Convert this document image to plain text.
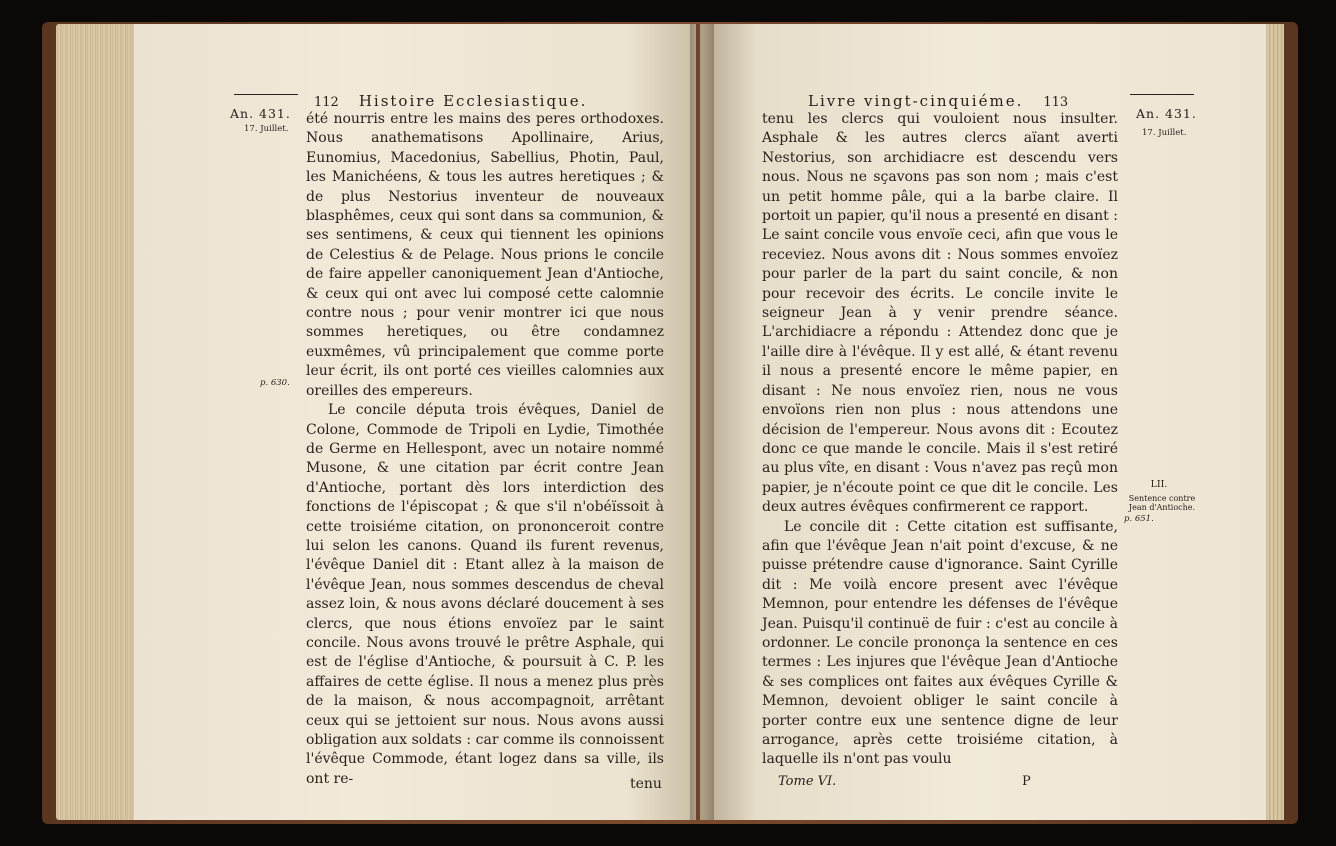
112 Histoire Ecclesiastique.
An. 431.
17. Juillet.
p. 630.

été nourris entre les mains des peres orthodoxes. Nous anathematisons Apollinaire, Arius, Eunomius, Macedonius, Sabellius, Photin, Paul, les Manichéens, & tous les autres heretiques ; & de plus Nestorius inventeur de nouveaux blasphêmes, ceux qui sont dans sa communion, & ses sentimens, & ceux qui tiennent les opinions de Celestius & de Pelage. Nous prions le concile de faire appeller canoniquement Jean d'Antioche, & ceux qui ont avec lui composé cette calomnie contre nous ; pour venir montrer ici que nous sommes heretiques, ou être condamnez euxmêmes, vû principalement que comme porte leur écrit, ils ont porté ces vieilles calomnies aux oreilles des empereurs.

Le concile députa trois évêques, Daniel de Colone, Commode de Tripoli en Lydie, Timothée de Germe en Hellespont, avec un notaire nommé Musone, & une citation par écrit contre Jean d'Antioche, portant dès lors interdiction des fonctions de l'épiscopat ; & que s'il n'obéïssoit à cette troisiéme citation, on prononceroit contre lui selon les canons. Quand ils furent revenus, l'évêque Daniel dit : Etant allez à la maison de l'évêque Jean, nous sommes descendus de cheval assez loin, & nous avons déclaré doucement à ses clercs, que nous étions envoïez par le saint concile. Nous avons trouvé le prêtre Asphale, qui est de l'église d'Antioche, & poursuit à C. P. les affaires de cette église. Il nous a menez plus près de la maison, & nous accompagnoit, arrêtant ceux qui se jettoient sur nous. Nous avons aussi obligation aux soldats : car comme ils connoissent l'évêque Commode, étant logez dans sa ville, ils ont re-	tenu
Livre vingt-cinquiéme. 113
An. 431.
17. Juillet.
LII.
Sentence contre Jean d'Antioche.
p. 651.

tenu les clercs qui vouloient nous insulter. Asphale & les autres clercs aïant averti Nestorius, son archidiacre est descendu vers nous. Nous ne sçavons pas son nom ; mais c'est un petit homme pâle, qui a la barbe claire. Il portoit un papier, qu'il nous a presenté en disant : Le saint concile vous envoïe ceci, afin que vous le receviez. Nous avons dit : Nous sommes envoïez pour parler de la part du saint concile, & non pour recevoir des écrits. Le concile invite le seigneur Jean à y venir prendre séance. L'archidiacre a répondu : Attendez donc que je l'aille dire à l'évêque. Il y est allé, & étant revenu il nous a presenté encore le même papier, en disant : Ne nous envoïez rien, nous ne vous envoïons rien non plus : nous attendons une décision de l'empereur. Nous avons dit : Ecoutez donc ce que mande le concile. Mais il s'est retiré au plus vîte, en disant : Vous n'avez pas reçû mon papier, je n'écoute point ce que dit le concile. Les deux autres évêques confirmerent ce rapport.

Le concile dit : Cette citation est suffisante, afin que l'évêque Jean n'ait point d'excuse, & ne puisse prétendre cause d'ignorance. Saint Cyrille dit : Me voilà encore present avec l'évêque Memnon, pour entendre les défenses de l'évêque Jean. Puisqu'il continuë de fuir : c'est au concile à ordonner. Le concile prononça la sentence en ces termes : Les injures que l'évêque Jean d'Antioche & ses complices ont faites aux évêques Cyrille & Memnon, devoient obliger le saint concile à porter contre eux une sentence digne de leur arrogance, après cette troisiéme citation, à laquelle ils n'ont pas voulu

Tome VI.	P
